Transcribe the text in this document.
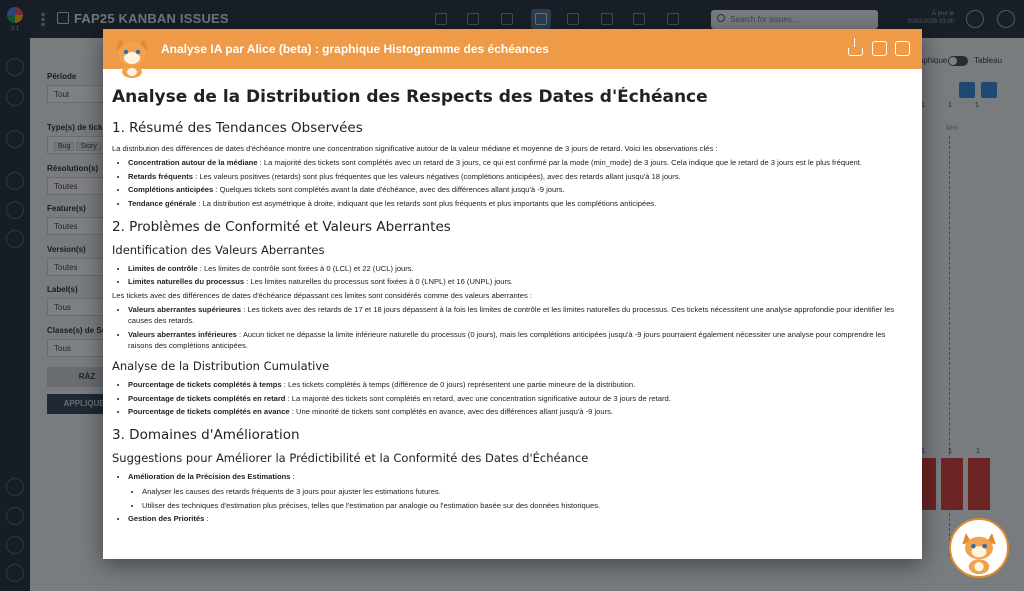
Search for issues...
Analyse IA par Alice (beta) : graphique Histogramme des échéances
Analyse de la Distribution des Respects des Dates d'Échéance
1. Résumé des Tendances Observées

La distribution des différences de dates d'échéance montre une concentration significative autour de la valeur médiane et moyenne de 3 jours de retard. Voici les observations clés :

• Concentration autour de la médiane : La majorité des tickets sont complétés avec un retard de 3 jours, ce qui est confirmé par la mode (min_mode) de 3 jours. Cela indique que le retard de 3 jours est le plus fréquent.
• Retards fréquents : Les valeurs positives (retards) sont plus fréquentes que les valeurs négatives (complétions anticipées), avec des retards allant jusqu'à 18 jours.
• Complétions anticipées : Quelques tickets sont complétés avant la date d'échéance, avec des différences allant jusqu'à -9 jours.
• Tendance générale : La distribution est asymétrique à droite, indiquant que les retards sont plus fréquents et plus importants que les complétions anticipées.
2. Problèmes de Conformité et Valeurs Aberrantes
Identification des Valeurs Aberrantes
• Limites de contrôle : Les limites de contrôle sont fixées à 0 (LCL) et 22 (UCL) jours.
• Limites naturelles du processus : Les limites naturelles du processus sont fixées à 0 (LNPL) et 16 (UNPL) jours.

Les tickets avec des différences de dates d'échéance dépassant ces limites sont considérés comme des valeurs aberrantes :

• Valeurs aberrantes supérieures : Les tickets avec des retards de 17 et 18 jours dépassent à la fois les limites de contrôle et les limites naturelles du processus. Ces tickets nécessitent une analyse approfondie pour identifier les causes des retards.
• Valeurs aberrantes inférieures : Aucun ticket ne dépasse la limite inférieure naturelle du processus (0 jours), mais les complétions anticipées jusqu'à -9 jours pourraient également nécessiter une analyse pour comprendre les raisons des complétions anticipées.
Analyse de la Distribution Cumulative
• Pourcentage de tickets complétés à temps : Les tickets complétés à temps (différence de 0 jours) représentent une partie mineure de la distribution.
• Pourcentage de tickets complétés en retard : La majorité des tickets sont complétés en retard, avec une concentration significative autour de 3 jours de retard.
• Pourcentage de tickets complétés en avance : Une minorité de tickets sont complétés en avance, avec des différences allant jusqu'à -9 jours.
3. Domaines d'Amélioration
Suggestions pour Améliorer la Prédictibilité et la Conformité des Dates d'Échéance
• Amélioration de la Précision des Estimations :
• Analyser les causes des retards fréquents de 3 jours pour ajuster les estimations futures.
• Utiliser des techniques d'estimation plus précises, telles que l'estimation par analogie ou l'estimation basée sur des données historiques.
• Gestion des Priorités :
